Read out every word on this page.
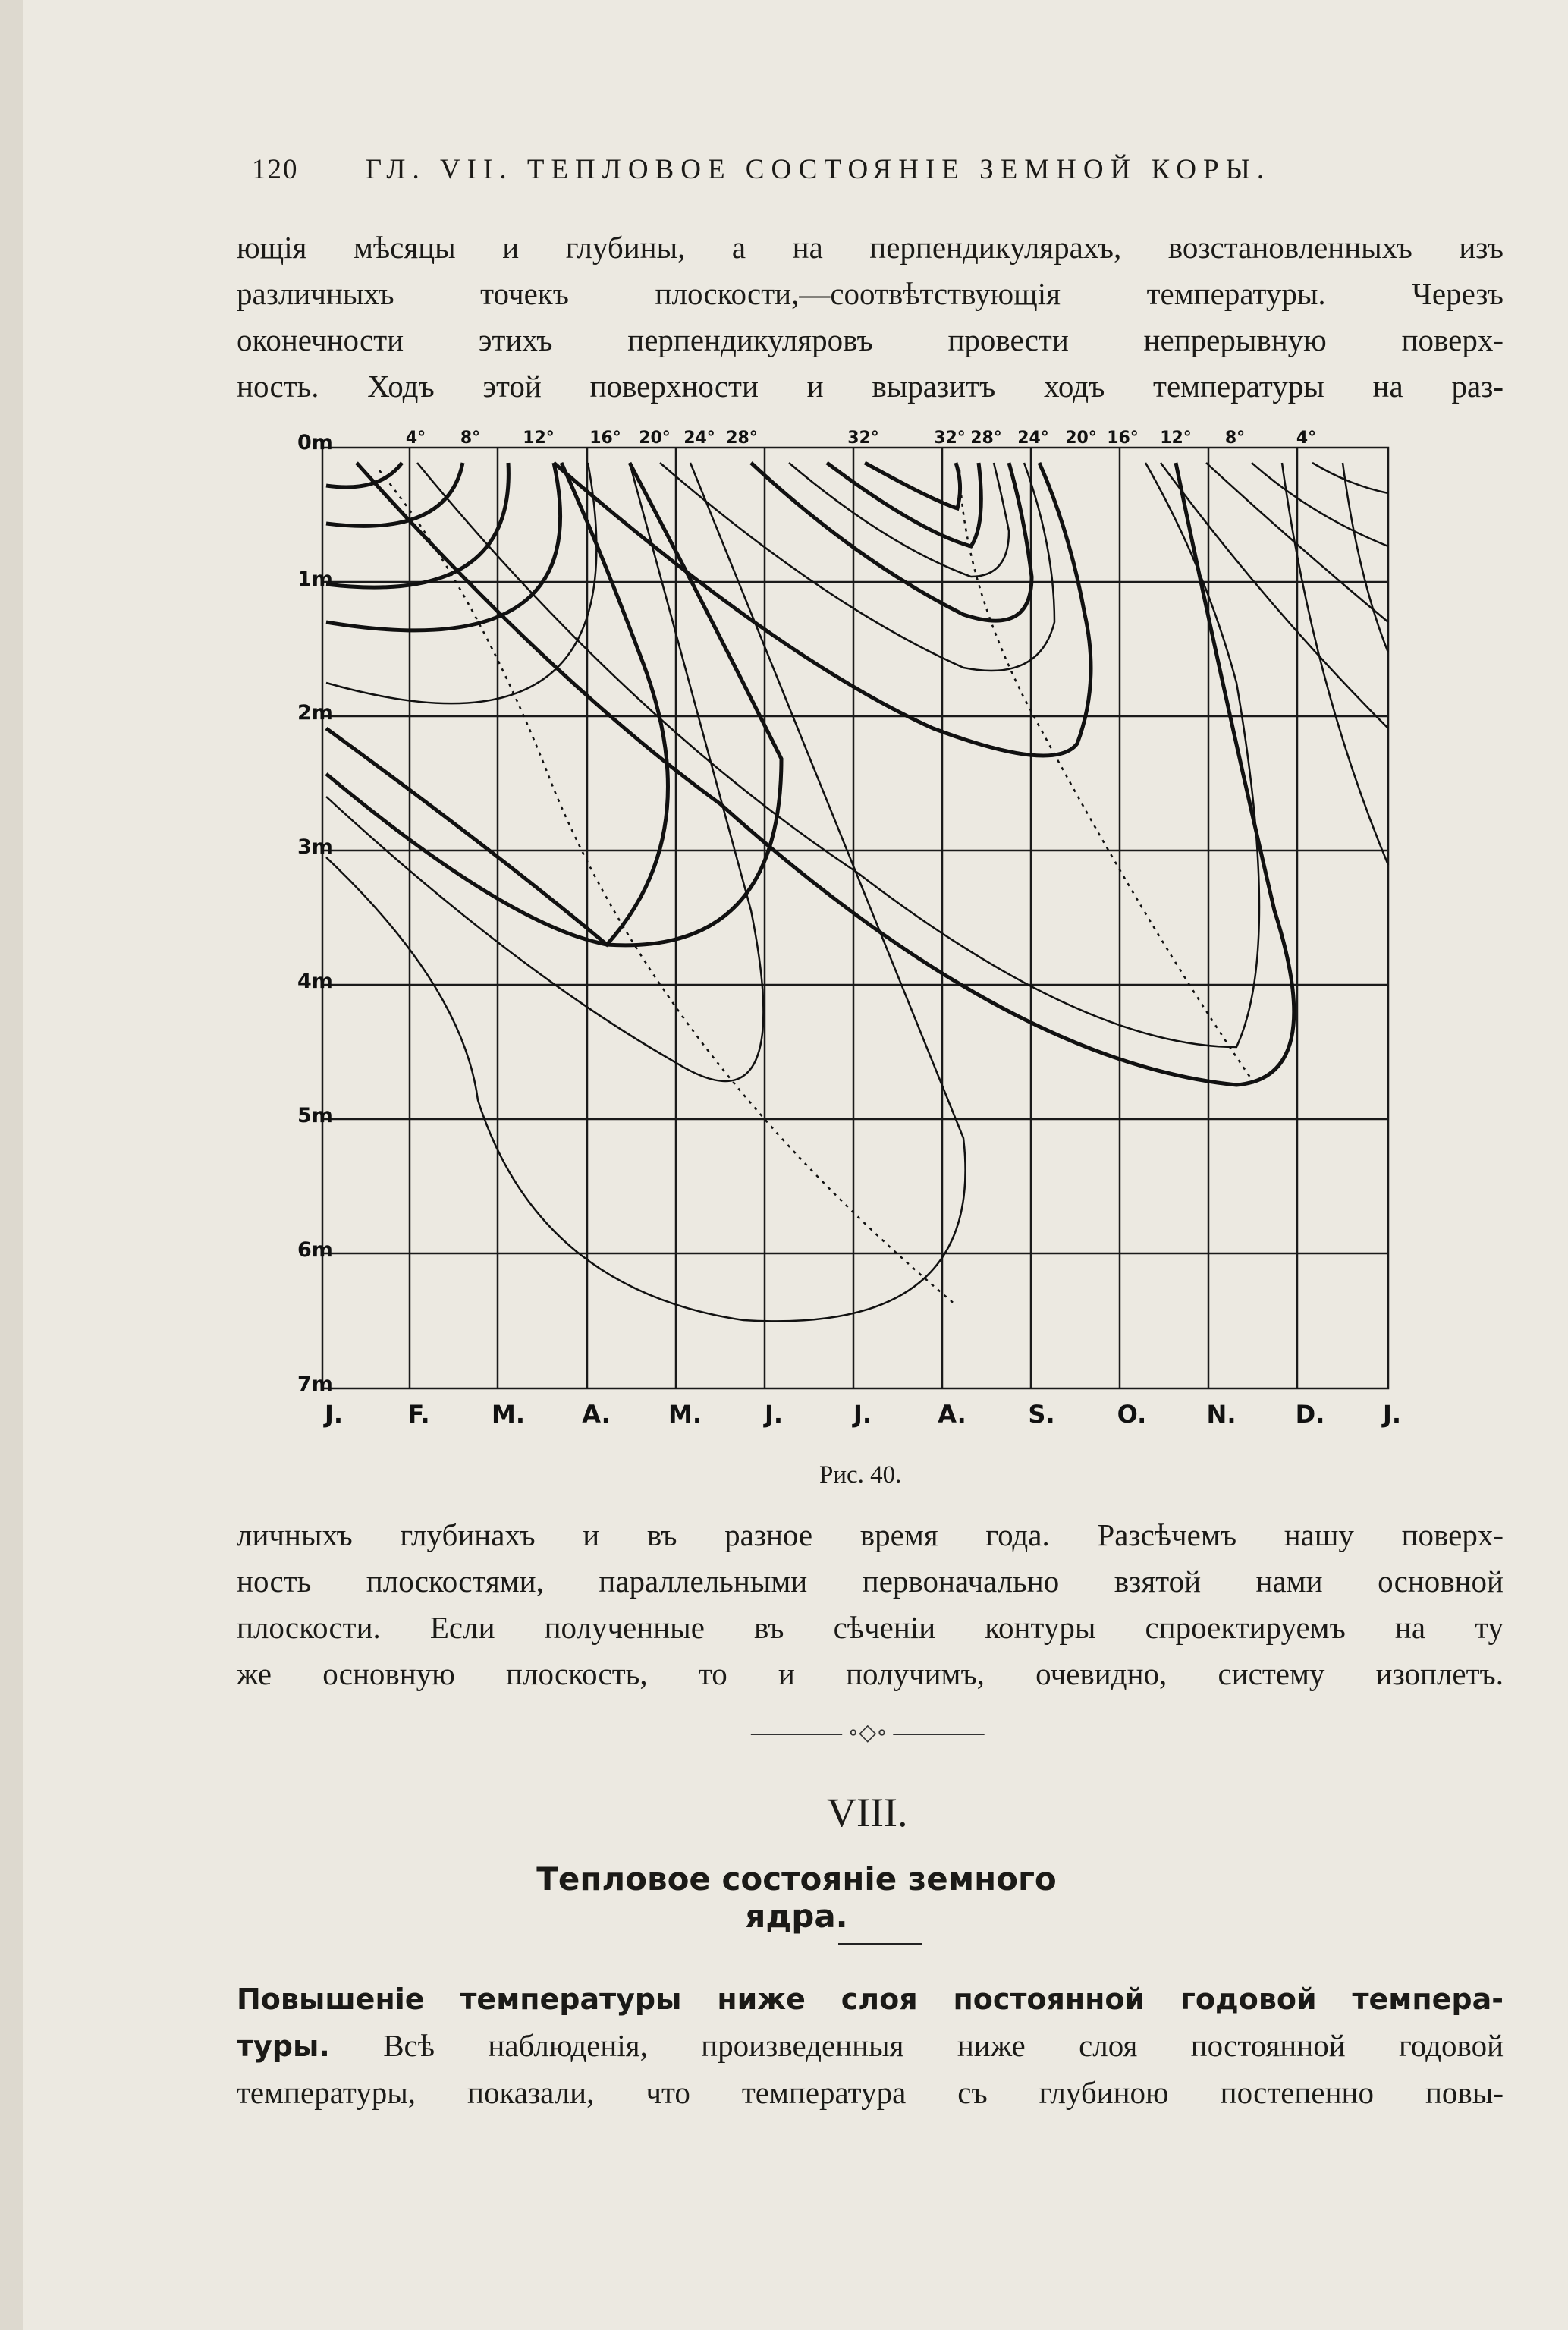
120 ГЛ. VII. ТЕПЛОВОЕ СОСТОЯНІЕ ЗЕМНОЙ КОРЫ.
ющія мѣсяцы и глубины, а на перпендикулярахъ, возстановленныхъ изъ
различныхъ точекъ плоскости,—соотвѣтствующія температуры. Черезъ
оконечности этихъ перпендикуляровъ провести непрерывную поверх-
ность. Ходъ этой поверхности и выразитъ ходъ температуры на раз-
0m
1m
2m
3m
4m
5m
6m
7m
J.	F.	M. A. M.	J.	J.	A.	S.	O. N. D. J.
4° 8°	12° 16° 20° 24° 28°	32°	32° 28° 24° 20° 16° 12° 8°	4°
Рис. 40.
личныхъ глубинахъ и въ разное время года. Разсѣчемъ нашу поверх-
ность плоскостями, параллельными первоначально взятой нами основной
плоскости. Если полученные въ сѣченіи контуры спроектируемъ на ту
же основную плоскость, то и получимъ, очевидно, систему изоплетъ.
———— ∘◇∘ ————
VIII.
Тепловое состояніе земного ядра.
Повышеніе температуры ниже слоя постоянной годовой темпера-
туры. Всѣ наблюденія, произведенныя ниже слоя постоянной годовой
температуры, показали, что температура съ глубиною постепенно повы-
